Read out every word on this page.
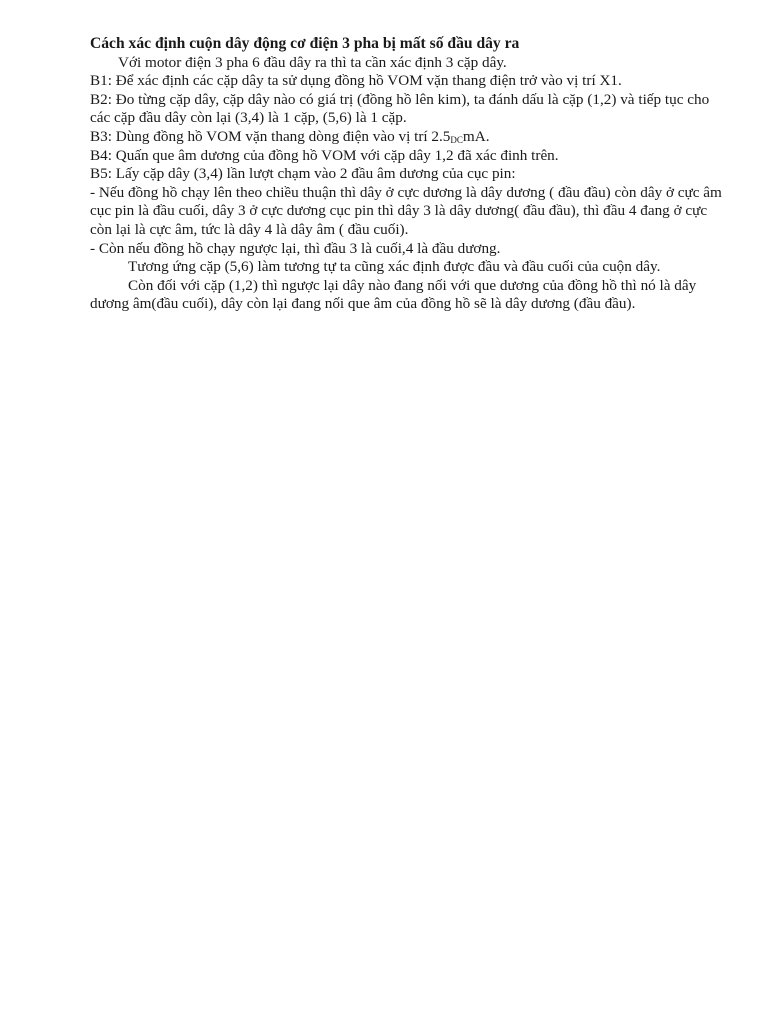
Cách xác định cuộn dây động cơ điện 3 pha bị mất số đầu dây ra

Với motor điện 3 pha 6 đầu dây ra thì ta cần xác định 3 cặp dây.

B1: Để xác định các cặp dây ta sử dụng đồng hồ VOM vặn thang điện trở vào vị trí X1.

B2: Đo từng cặp dây, cặp dây nào có giá trị (đồng hồ lên kim), ta đánh dấu là cặp (1,2) và tiếp tục cho các cặp đầu dây còn lại (3,4) là 1 cặp, (5,6) là 1 cặp.

B3: Dùng đồng hồ VOM vặn thang dòng điện vào vị trí $2.5_{DC}mA$.

B4: Quấn que âm dương của đồng hồ VOM với cặp dây 1,2 đã xác đinh trên.

B5: Lấy cặp dây (3,4) lần lượt chạm vào 2 đầu âm dương của cục pin:

- Nếu đồng hồ chạy lên theo chiều thuận thì dây ở cực dương là dây dương ( đầu đầu) còn dây ở cực âm cục pin là đầu cuối, dây 3 ở cực dương cục pin thì dây 3 là dây dương( đầu đầu), thì đầu 4 đang ở cực còn lại là cực âm, tức là dây 4 là dây âm ( đầu cuối).

- Còn nếu đồng hồ chạy ngược lại, thì đầu 3 là cuối,4 là đầu dương.

Tương ứng cặp (5,6) làm tương tự ta cũng xác định được đầu và đầu cuối của cuộn dây.

Còn đối với cặp (1,2) thì ngược lại dây nào đang nối với que dương của đồng hồ thì nó là dây dương âm(đầu cuối), dây còn lại đang nối que âm của đồng hồ sẽ là dây dương (đầu đầu).
